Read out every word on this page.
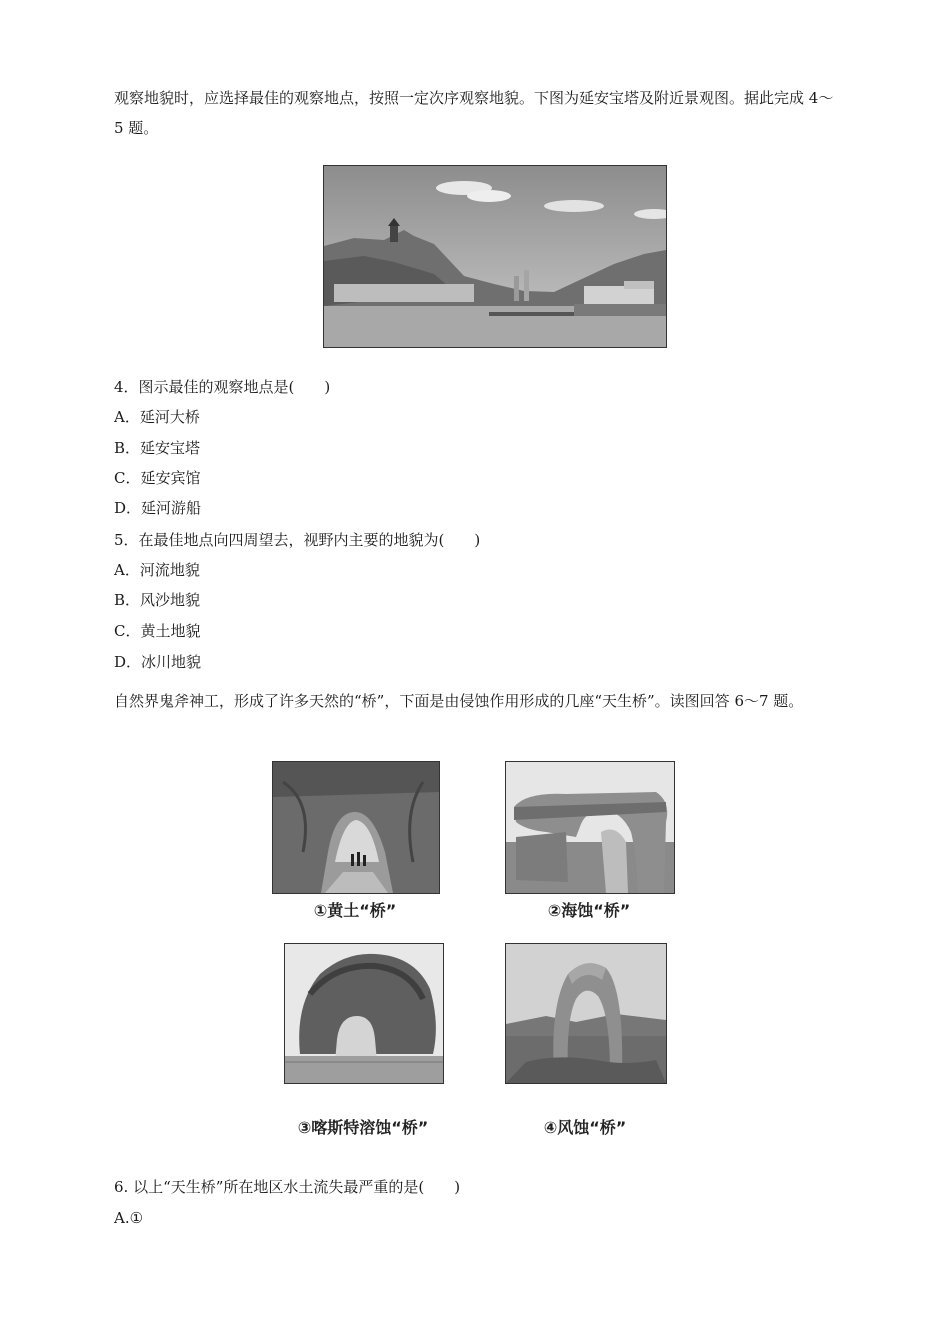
观察地貌时，应选择最佳的观察地点，按照一定次序观察地貌。下图为延安宝塔及附近景观图。据此完成 4～5 题。
4．图示最佳的观察地点是(　　)
A．延河大桥
B．延安宝塔
C．延安宾馆
D．延河游船
5．在最佳地点向四周望去，视野内主要的地貌为(　　)
A．河流地貌
B．风沙地貌
C．黄土地貌
D．冰川地貌
自然界鬼斧神工，形成了许多天然的“桥”，下面是由侵蚀作用形成的几座“天生桥”。读图回答 6～7 题。
①黄土“桥”	②海蚀“桥”
③喀斯特溶蚀“桥”	④风蚀“桥”
6. 以上“天生桥”所在地区水土流失最严重的是(　　)
A.①
